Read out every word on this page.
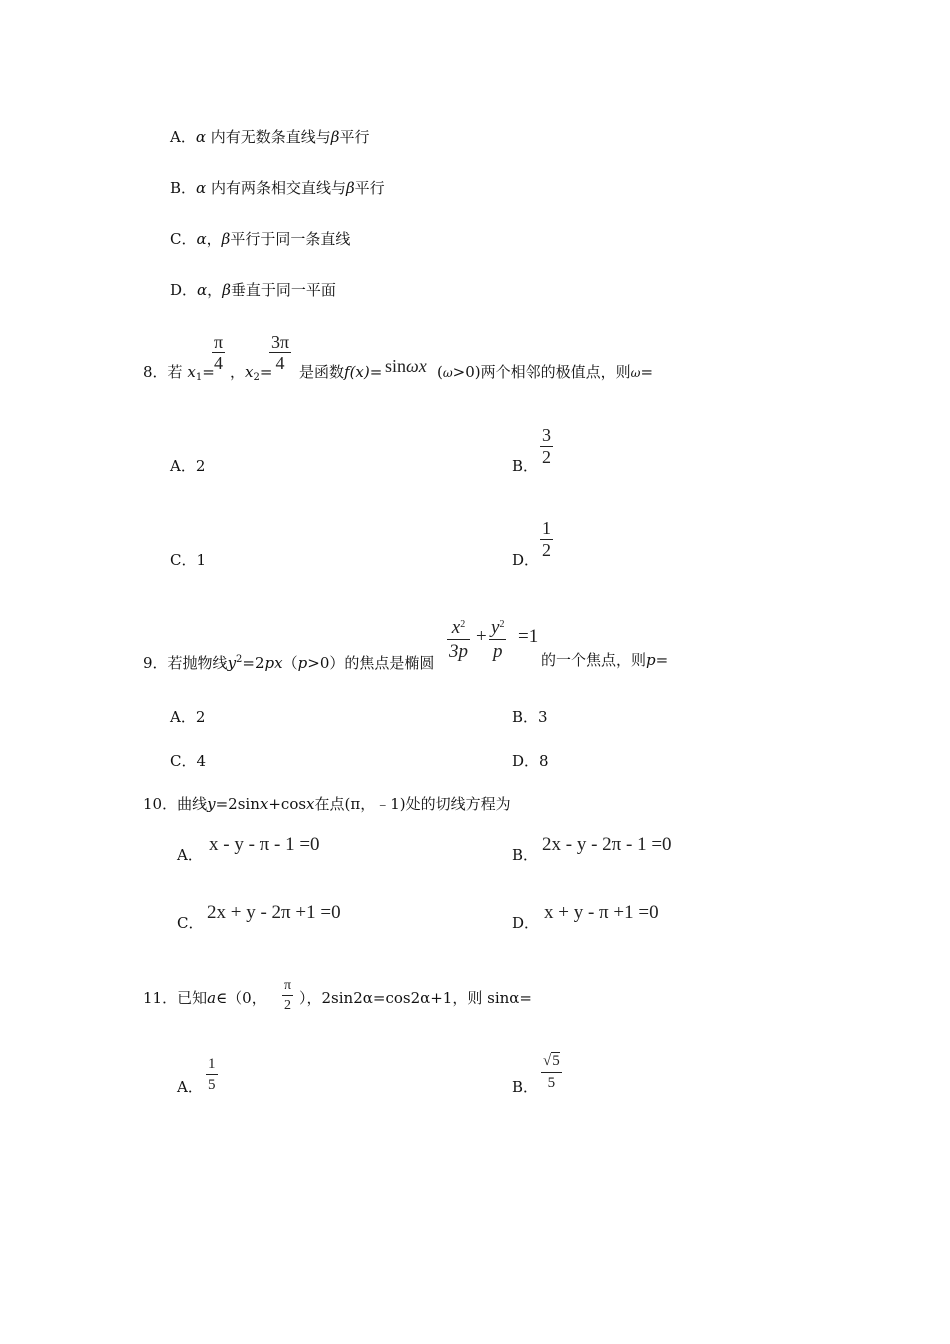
A．α 内有无数条直线与β平行
B．α 内有两条相交直线与β平行
C．α，β平行于同一条直线
D．α，β垂直于同一平面
8．若 $x_1=$
$\frac{\pi}{4}$ ，$x_2=$
$\frac{3\pi}{4}$ 是函数f(x)= sinωx (ω>0)两个相邻的极值点，则ω=
A．2	B． $\frac{3}{2}$
C．1	D． $\frac{1}{2}$
9．若抛物线$y^2=2px(p>0)$的焦点是椭圆 $\frac{x^2}{3p} + \frac{y^2}{p} =1$
的一个焦点，则p=
A．2	B．3
C．4	D．8
10．曲线y=2sinx+cosx在点(π，﹣1)处的切线方程为
A． x - y - π - 1 =0	B． 2x - y - 2π - 1 =0
C． 2x + y - 2π +1 =0	D． x + y - π +1 =0
11．已知a∈（0， $\frac{\pi}{2}$ ），2sin2α=cos2α+1，则 sinα=
A． $\frac{1}{5}$	B． $\frac{√5}{5}$
